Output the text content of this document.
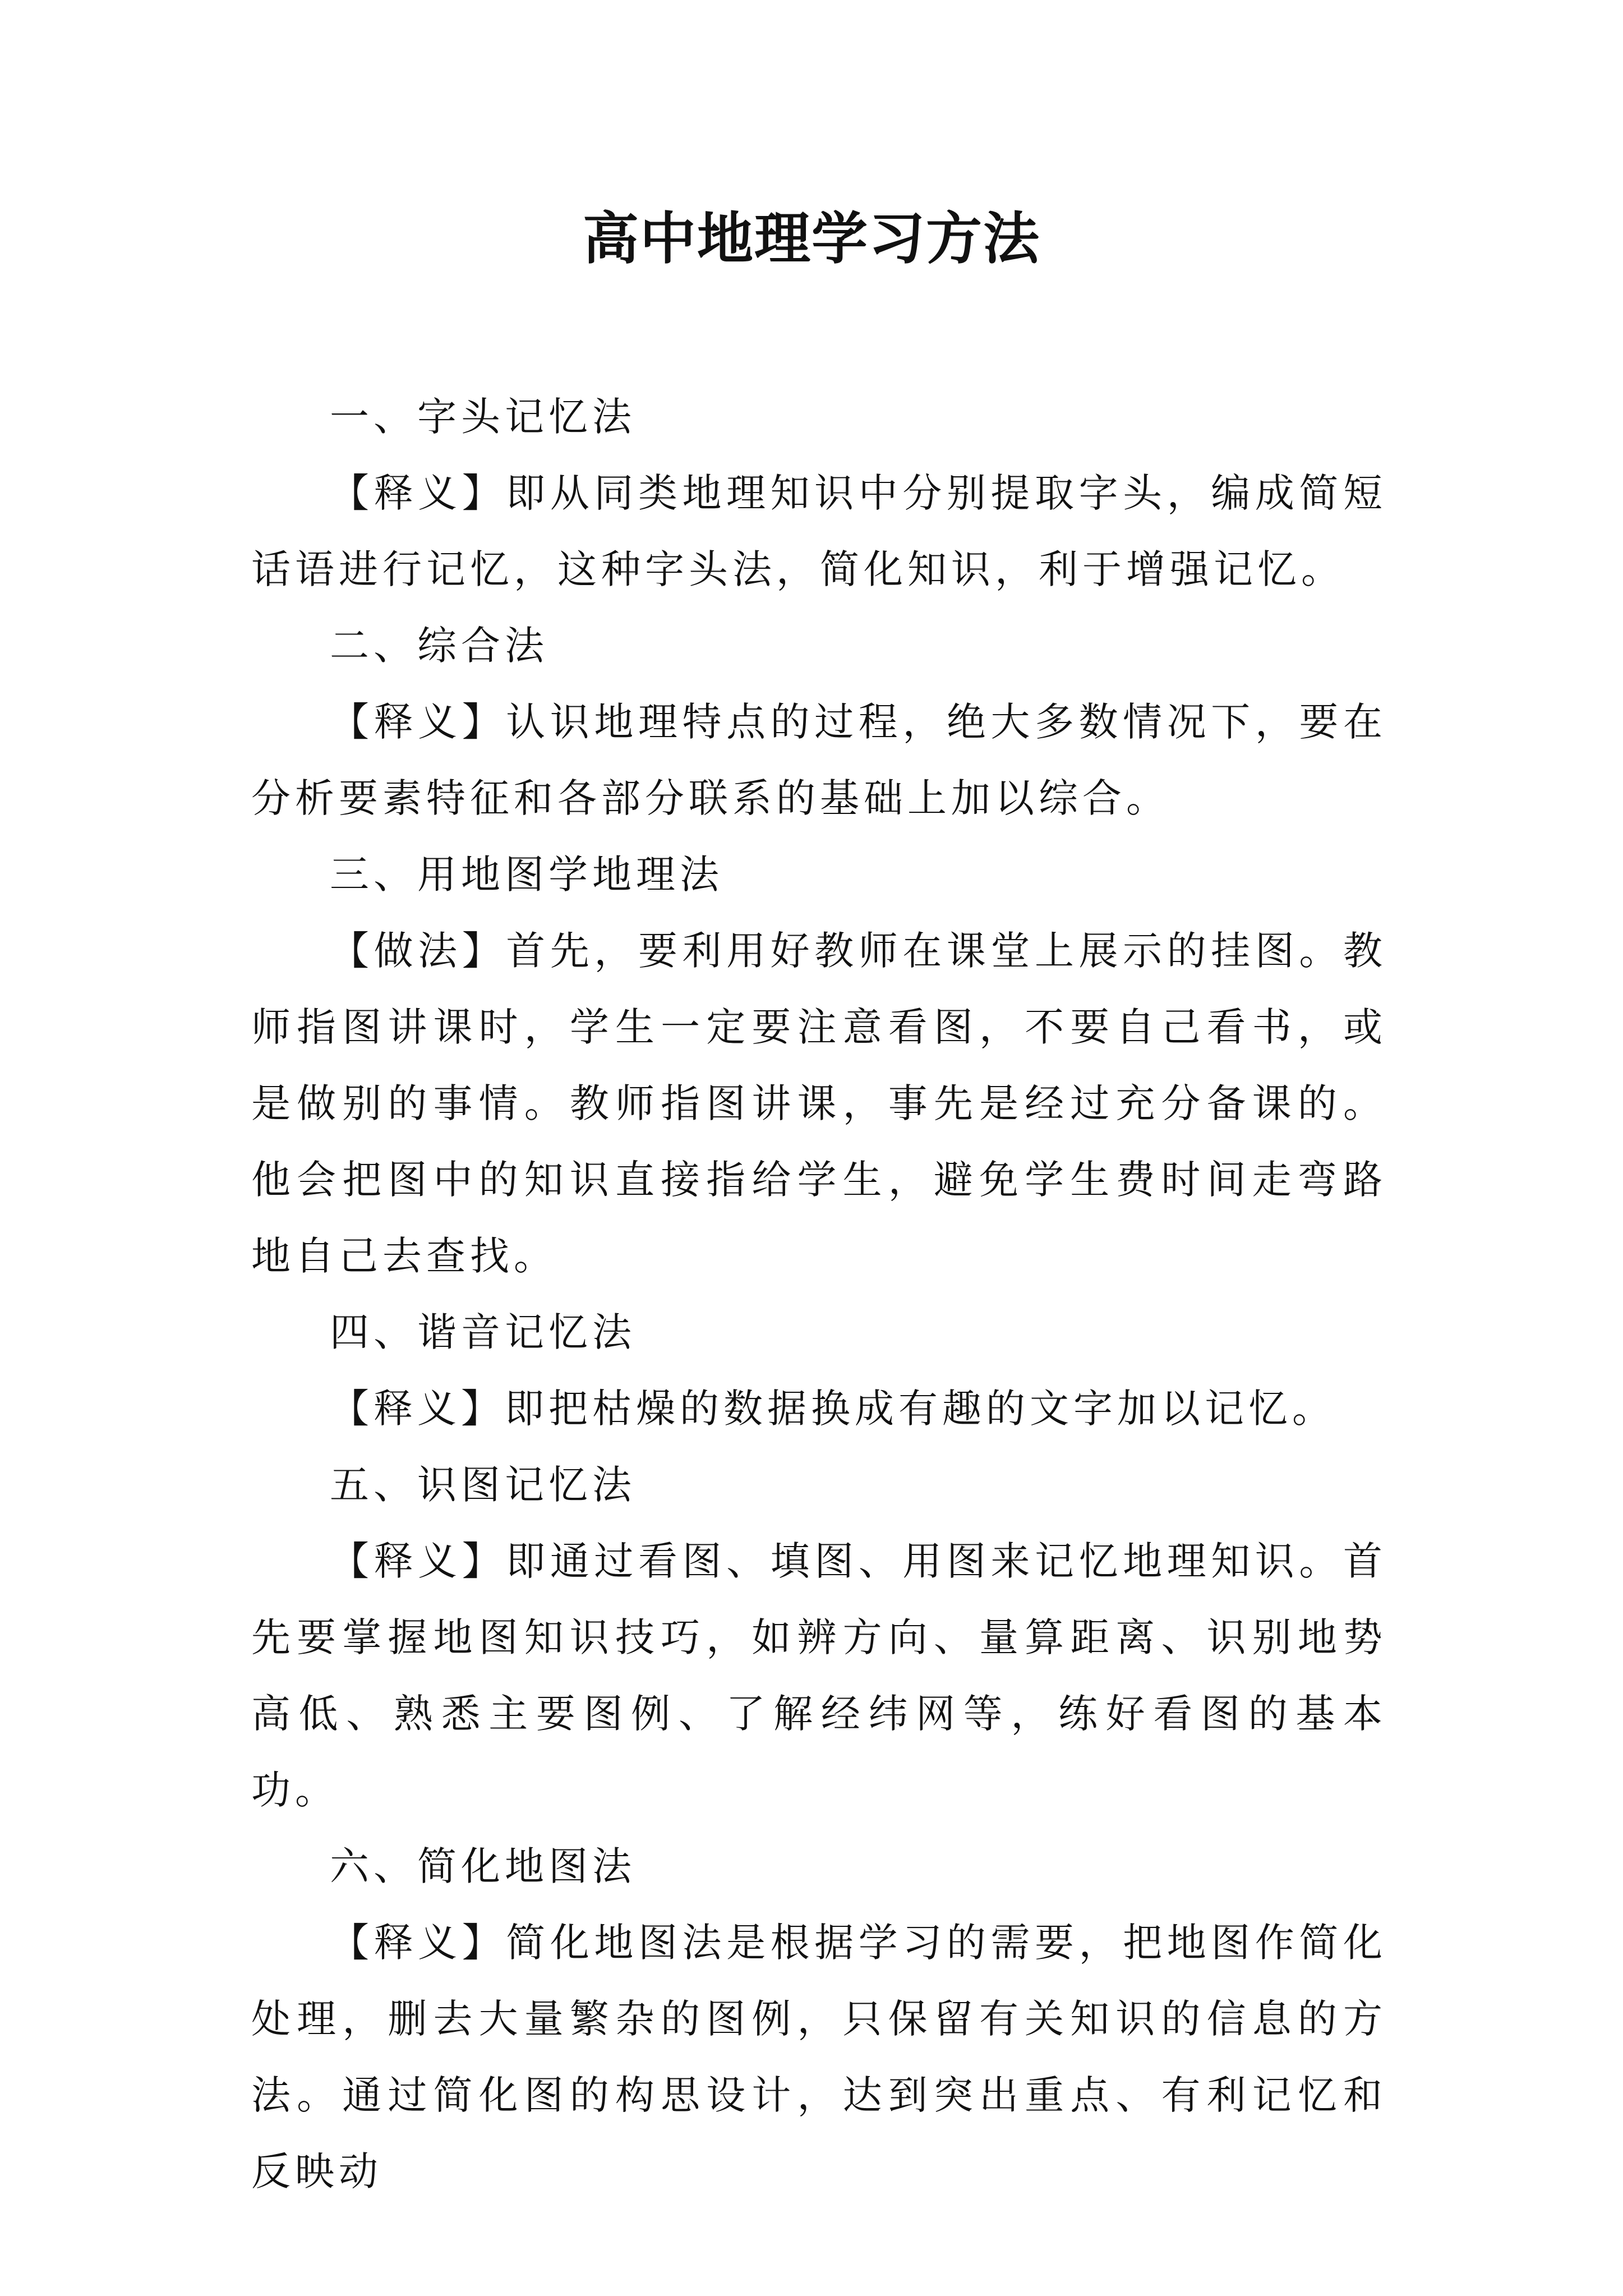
高中地理学习方法

一、字头记忆法

【释义】即从同类地理知识中分别提取字头，编成简短话语进行记忆，这种字头法，简化知识，利于增强记忆。

二、综合法

【释义】认识地理特点的过程，绝大多数情况下，要在分析要素特征和各部分联系的基础上加以综合。

三、用地图学地理法

【做法】首先，要利用好教师在课堂上展示的挂图。教师指图讲课时，学生一定要注意看图，不要自己看书，或是做别的事情。教师指图讲课，事先是经过充分备课的。他会把图中的知识直接指给学生，避免学生费时间走弯路地自己去查找。

四、谐音记忆法

【释义】即把枯燥的数据换成有趣的文字加以记忆。

五、识图记忆法

【释义】即通过看图、填图、用图来记忆地理知识。首先要掌握地图知识技巧，如辨方向、量算距离、识别地势高低、熟悉主要图例、了解经纬网等，练好看图的基本功。

六、简化地图法

【释义】简化地图法是根据学习的需要，把地图作简化处理，删去大量繁杂的图例，只保留有关知识的信息的方法。通过简化图的构思设计，达到突出重点、有利记忆和反映动
